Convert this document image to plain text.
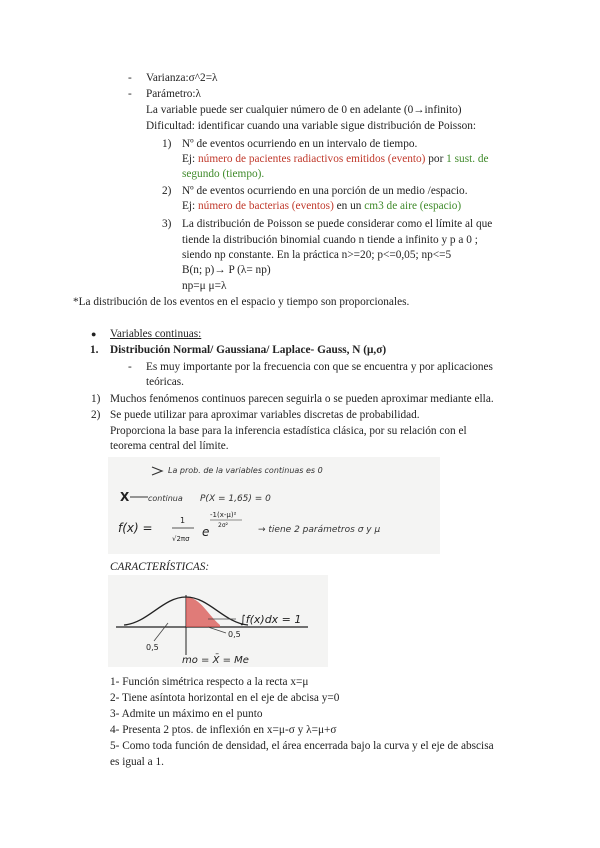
- Varianza:σ^2=λ
- Parámetro:λ
La variable puede ser cualquier número de 0 en adelante (0→infinito)
Dificultad: identificar cuando una variable sigue distribución de Poisson:
1) Nº de eventos ocurriendo en un intervalo de tiempo.
Ej: número de pacientes radiactivos emitidos (evento) por 1 sust. de
segundo (tiempo).
2) Nº de eventos ocurriendo en una porción de un medio /espacio.
Ej: número de bacterias (eventos) en un cm3 de aire (espacio)
3) La distribución de Poisson se puede considerar como el límite al que
tiende la distribución binomial cuando n tiende a infinito y p a 0 ;
siendo np constante. En la práctica n>=20; p<=0,05; np<=5
B(n; p)→ P (λ= np)
np=μ μ=λ
*La distribución de los eventos en el espacio y tiempo son proporcionales.
● Variables continuas:
1. Distribución Normal/ Gaussiana/ Laplace- Gauss, N (μ,σ)
- Es muy importante por la frecuencia con que se encuentra y por aplicaciones
teóricas.
1) Muchos fenómenos continuos parecen seguirla o se pueden aproximar mediante ella.
2) Se puede utilizar para aproximar variables discretas de probabilidad.
Proporciona la base para la inferencia estadística clásica, por su relación con el
teorema central del límite.
La prob. de la variables continuas es 0
X continua P(X = 1,65) = 0
f(x) =
1
√2πσ e
-1(x-μ)²
2σ²	→ tiene 2 parámetros σ y μ
CARACTERÍSTICAS:
∫f(x)dx = 1
0,5
0,5
mo = X̄ = Me
1- Función simétrica respecto a la recta x=μ
2- Tiene asíntota horizontal en el eje de abcisa y=0
3- Admite un máximo en el punto
4- Presenta 2 ptos. de inflexión en x=μ-σ y λ=μ+σ
5- Como toda función de densidad, el área encerrada bajo la curva y el eje de abscisa
es igual a 1.
